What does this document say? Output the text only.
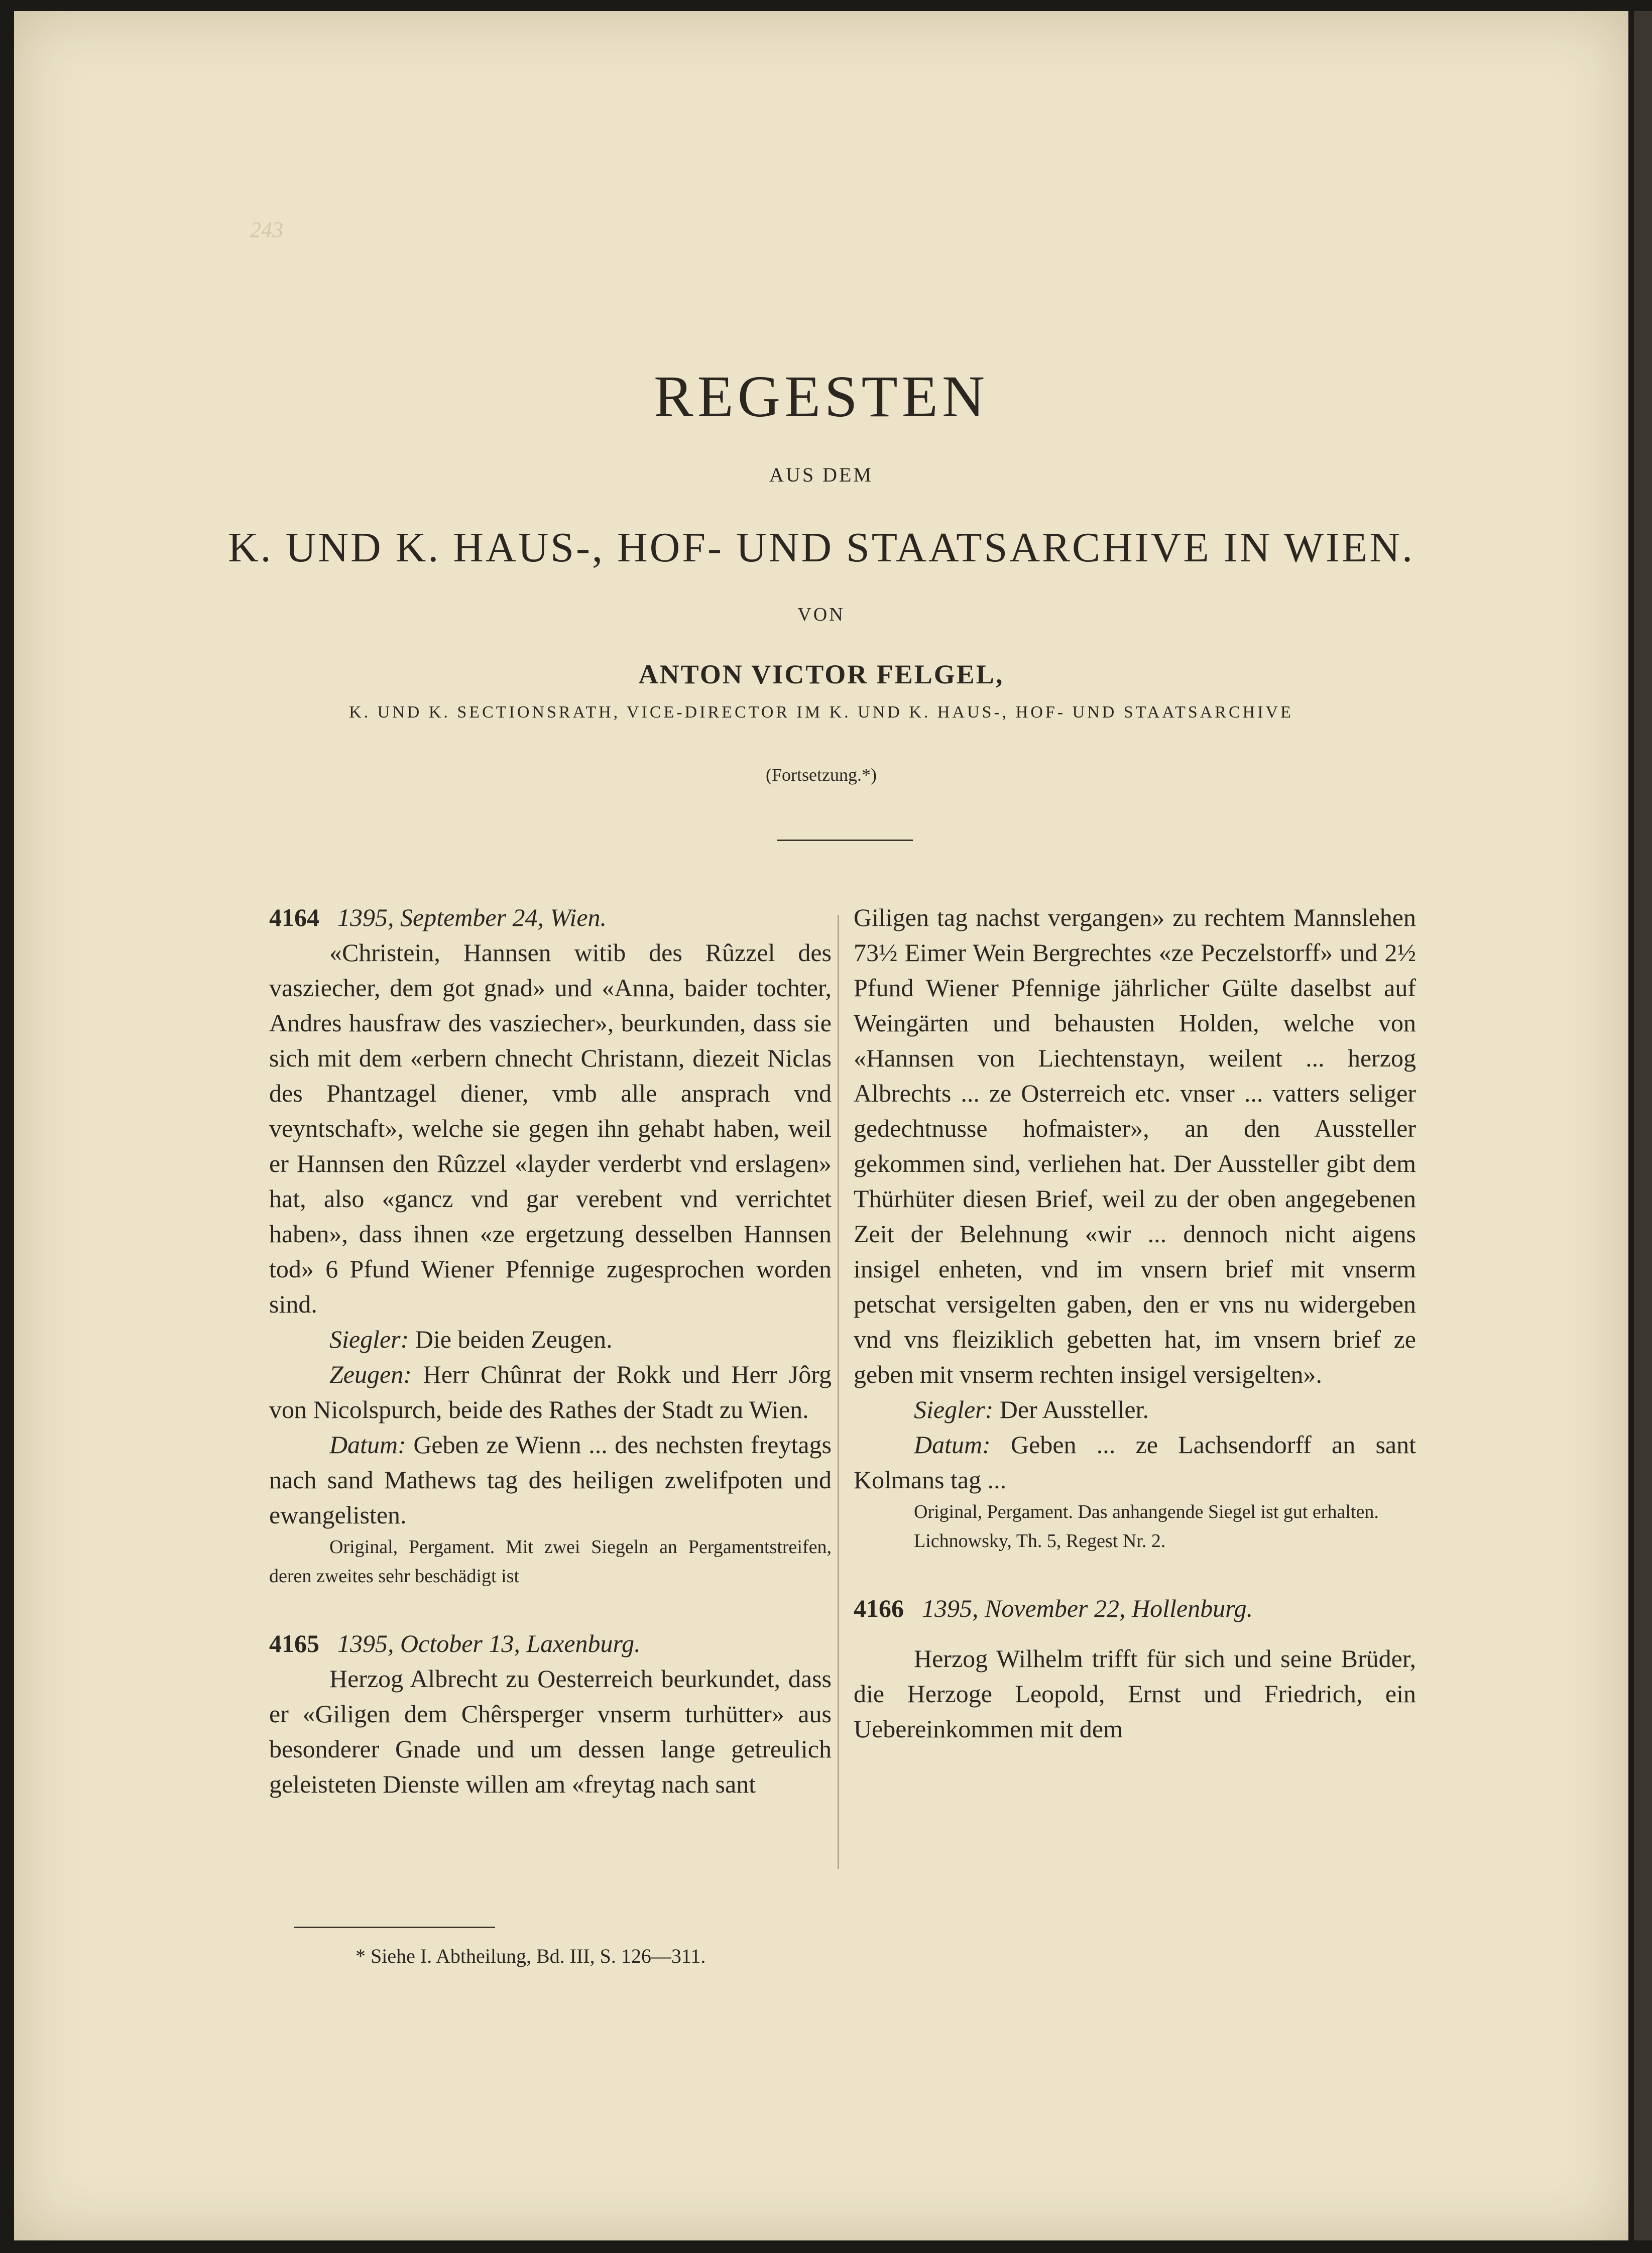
243
REGESTEN
AUS DEM
K. UND K. HAUS-, HOF- UND STAATSARCHIVE IN WIEN.
VON
ANTON VICTOR FELGEL,
K. UND K. SECTIONSRATH, VICE-DIRECTOR IM K. UND K. HAUS-, HOF- UND STAATSARCHIVE
(Fortsetzung.*)
4164 1395, September 24, Wien.

«Christein, Hannsen witib des Rûzzel des vasziecher, dem got gnad» und «Anna, baider tochter, Andres hausfraw des vasziecher», beurkunden, dass sie sich mit dem «erbern chnecht Christann, diezeit Niclas des Phantzagel diener, vmb alle ansprach vnd veyntschaft», welche sie gegen ihn gehabt haben, weil er Hannsen den Rûzzel «layder verderbt vnd erslagen» hat, also «gancz vnd gar verebent vnd verrichtet haben», dass ihnen «ze ergetzung desselben Hannsen tod» 6 Pfund Wiener Pfennige zugesprochen worden sind.

Siegler: Die beiden Zeugen.

Zeugen: Herr Chûnrat der Rokk und Herr Jôrg von Nicolspurch, beide des Rathes der Stadt zu Wien.

Datum: Geben ze Wienn ... des nechsten freytags nach sand Mathews tag des heiligen zwelifpoten und ewangelisten.

Original, Pergament. Mit zwei Siegeln an Pergamentstreifen, deren zweites sehr beschädigt ist

4165 1395, October 13, Laxenburg.

Herzog Albrecht zu Oesterreich beurkundet, dass er «Giligen dem Chêrsperger vnserm turhütter» aus besonderer Gnade und um dessen lange getreulich geleisteten Dienste willen am «freytag nach sant

Giligen tag nachst vergangen» zu rechtem Mannslehen 73½ Eimer Wein Bergrechtes «ze Peczelstorff» und 2½ Pfund Wiener Pfennige jährlicher Gülte daselbst auf Weingärten und behausten Holden, welche von «Hannsen von Liechtenstayn, weilent ... herzog Albrechts ... ze Osterreich etc. vnser ... vatters seliger gedechtnusse hofmaister», an den Aussteller gekommen sind, verliehen hat. Der Aussteller gibt dem Thürhüter diesen Brief, weil zu der oben angegebenen Zeit der Belehnung «wir ... dennoch nicht aigens insigel enheten, vnd im vnsern brief mit vnserm petschat versigelten gaben, den er vns nu widergeben vnd vns fleiziklich gebetten hat, im vnsern brief ze geben mit vnserm rechten insigel versigelten».

Siegler: Der Aussteller.

Datum: Geben ... ze Lachsendorff an sant Kolmans tag ...

Original, Pergament. Das anhangende Siegel ist gut erhalten.

Lichnowsky, Th. 5, Regest Nr. 2.

4166 1395, November 22, Hollenburg.

Herzog Wilhelm trifft für sich und seine Brüder, die Herzoge Leopold, Ernst und Friedrich, ein Uebereinkommen mit dem

* Siehe I. Abtheilung, Bd. III, S. 126—311.
